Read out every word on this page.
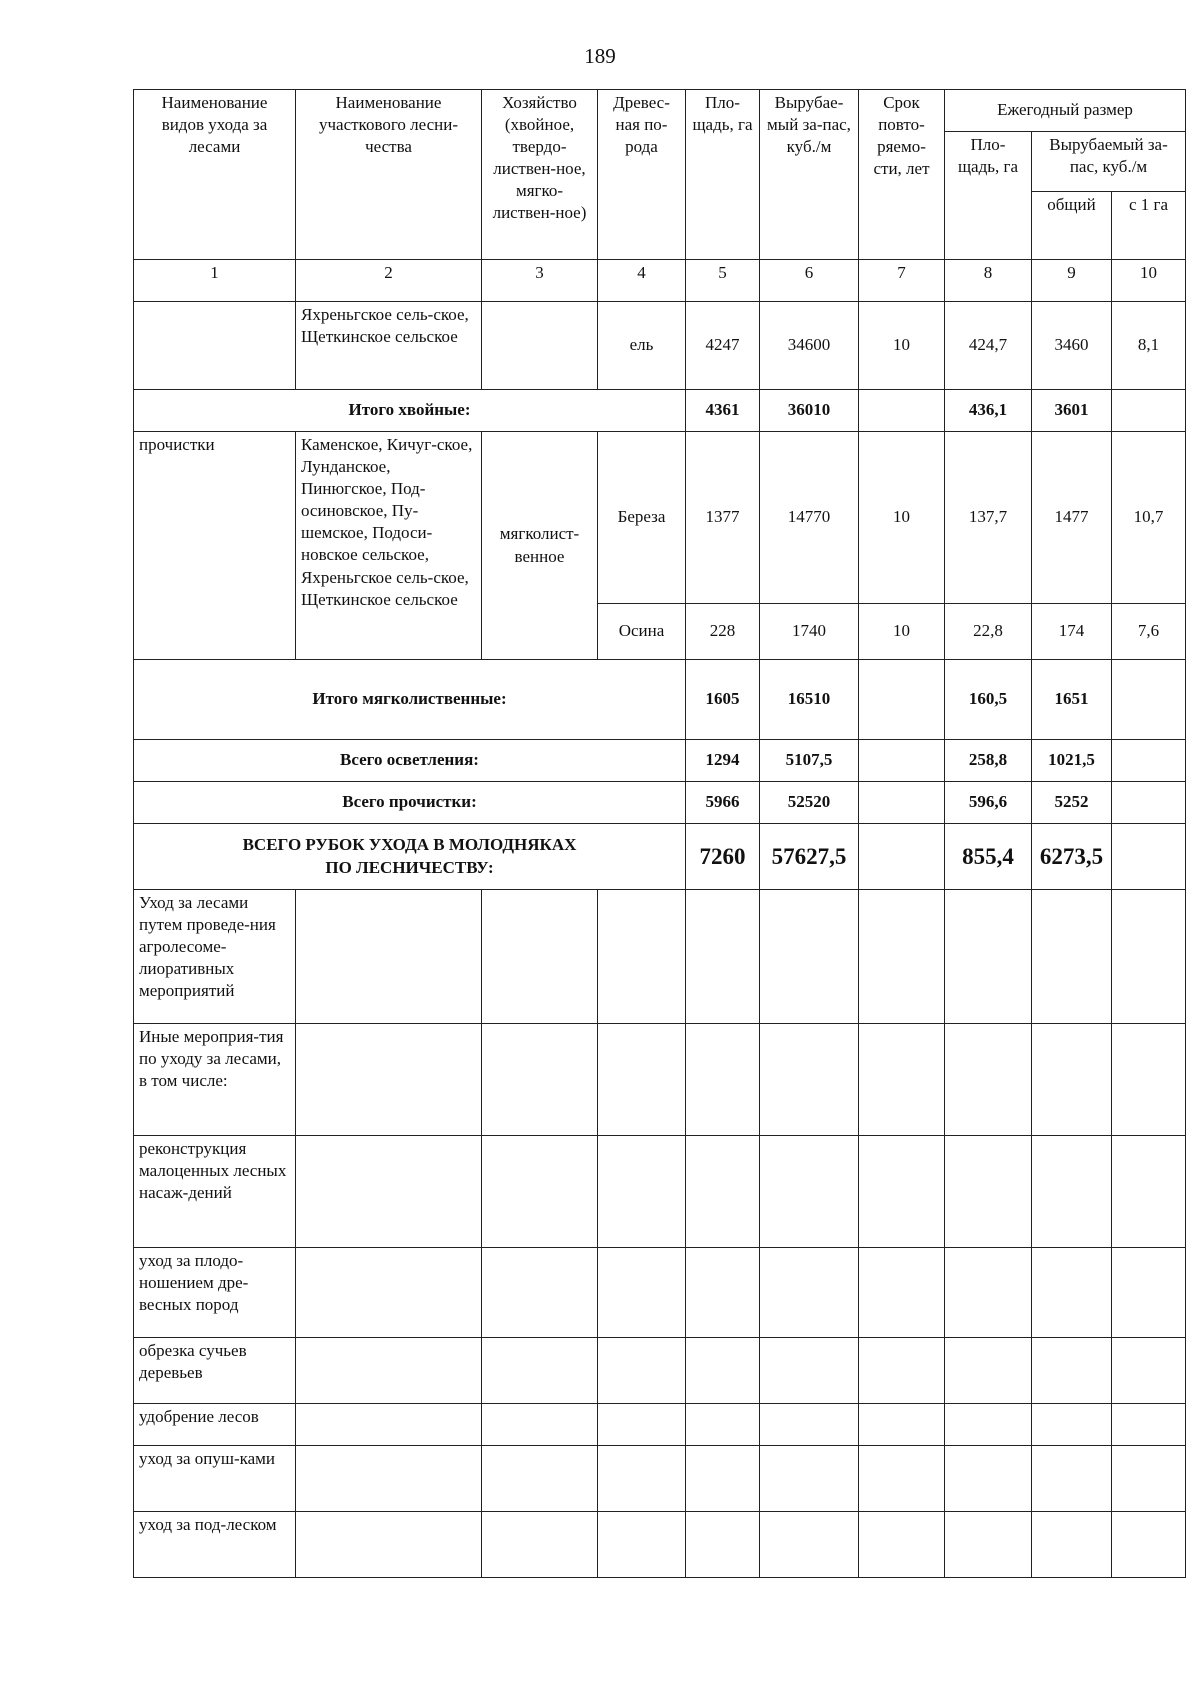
189
Наименование видов ухода за лесами	Наименование участкового лесни-чества	Хозяйство (хвойное, твердо-листвен-ное, мягко-листвен-ное)	Древес-ная по-рода	Пло-щадь, га	Вырубае-мый за-пас, куб./м	Срок повто-ряемо-сти, лет	Ежегодный размер		
							Пло-щадь, га	Вырубаемый за-пас, куб./м	
								общий	с 1 га
1	2	3	4	5	6	7	8	9	10
	Яхреньгское сель-ское, Щеткинское сельское		ель	4247	34600	10	424,7	3460	8,1
Итого хвойные:				4361	36010		436,1	3601	
прочистки	Каменское, Кичуг-ское, Лунданское, Пинюгское, Под-осиновское, Пу-шемское, Подоси-новское сельское, Яхреньгское сель-ское, Щеткинское сельское	мягколист-венное	Береза	1377	14770	10	137,7	1477	10,7
			Осина	228	1740	10	22,8	174	7,6
Итого мягколиственные:				1605	16510		160,5	1651	
Всего осветления:				1294	5107,5		258,8	1021,5	
Всего прочистки:				5966	52520		596,6	5252	

ВСЕГО РУБОК УХОДА В МОЛОДНЯКАХ
ПО ЛЕСНИЧЕСТВУ:				7260	57627,5		855,4	6273,5	
Уход за лесами путем проведе-ния агролесоме-лиоративных мероприятий									
Иные мероприя-тия по уходу за лесами, в том числе:									
реконструкция малоценных лесных насаж-дений									
уход за плодо-ношением дре-весных пород									
обрезка сучьев деревьев									
удобрение лесов									
уход за опуш-ками									
уход за под-леском									
